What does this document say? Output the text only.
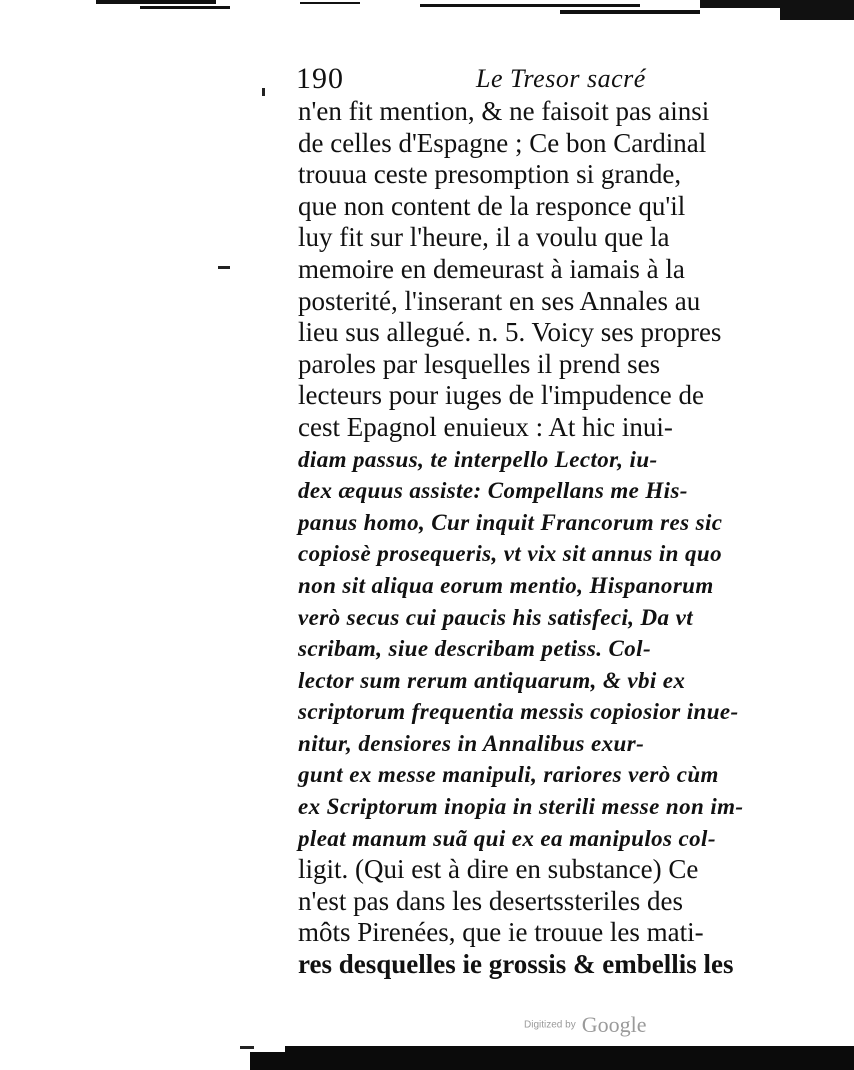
190	Le Tresor sacré
n'en fit mention, & ne faisoit pas ainsi
de celles d'Espagne ; Ce bon Cardinal
trouua ceste presomption si grande,
que non content de la responce qu'il
luy fit sur l'heure, il a voulu que la
memoire en demeurast à iamais à la
posterité, l'inserant en ses Annales au
lieu sus allegué. n. 5. Voicy ses propres
paroles par lesquelles il prend ses
lecteurs pour iuges de l'impudence de
cest Epagnol enuieux : At hic inui-
diam passus, te interpello Lector, iu-
dex æquus assiste: Compellans me His-
panus homo, Cur inquit Francorum res sic
copiosè prosequeris, vt vix sit annus in quo
non sit aliqua eorum mentio, Hispanorum
verò secus cui paucis his satisfeci, Da vt
scribam, siue describam petiss. Col-
lector sum rerum antiquarum, & vbi ex
scriptorum frequentia messis copiosior inue-
nitur, densiores in Annalibus exur-
gunt ex messe manipuli, rariores verò cùm
ex Scriptorum inopia in sterili messe non im-
pleat manum suã qui ex ea manipulos col-
ligit. (Qui est à dire en substance) Ce
n'est pas dans les desertssteriles des
môts Pirenées, que ie trouue les mati-
res desquelles ie grossis & embellis les
Digitized by Google
